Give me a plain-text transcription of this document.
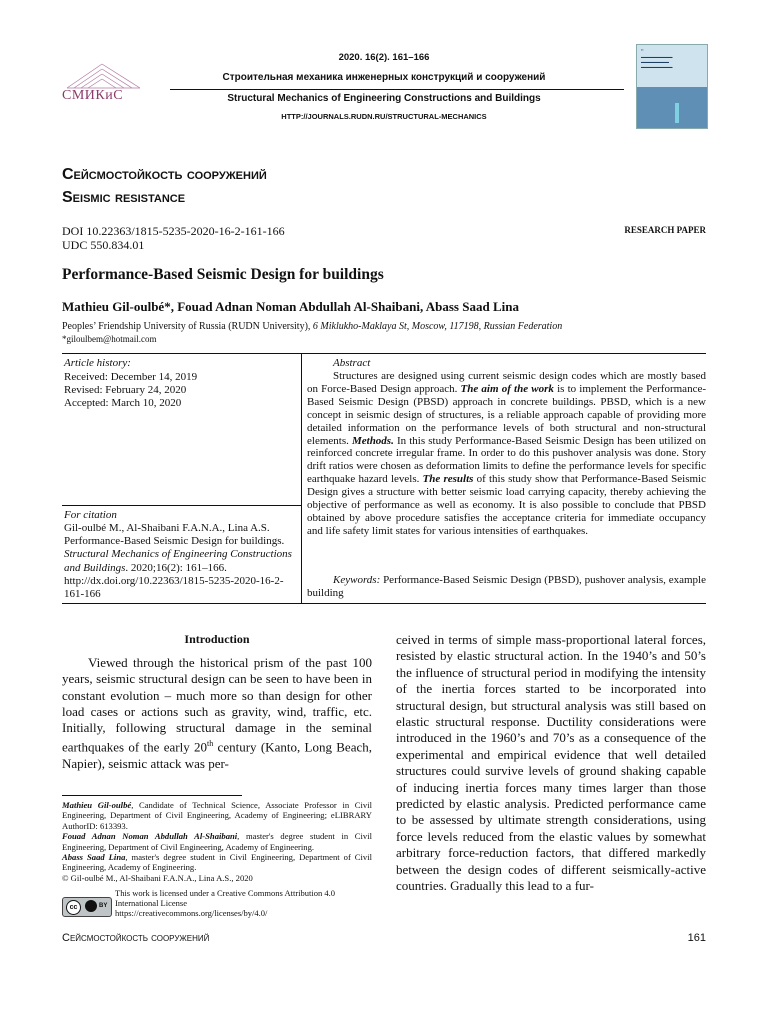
СМИКиС
2020. 16(2). 161–166
Строительная механика инженерных конструкций и сооружений
Structural Mechanics of Engineering Constructions and Buildings
HTTP://JOURNALS.RUDN.RU/STRUCTURAL-MECHANICS
▪▪
▬▬▬▬▬▬▬▬▬
▬▬▬▬▬▬▬▬
▬▬▬▬▬▬▬▬▬
Сейсмостойкость сооружений
Seismic resistance
DOI 10.22363/1815-5235-2020-16-2-161-166
UDC 550.834.01
RESEARCH PAPER
Performance-Based Seismic Design for buildings
Mathieu Gil-oulbé*, Fouad Adnan Noman Abdullah Al-Shaibani, Abass Saad Lina
Peoples’ Friendship University of Russia (RUDN University), 6 Miklukho-Maklaya St, Moscow, 117198, Russian Federation
*giloulbem@hotmail.com
Article history:
Received: December 14, 2019
Revised: February 24, 2020
Accepted: March 10, 2020
For citation
Gil-oulbé M., Al-Shaibani F.A.N.A., Lina A.S. Performance-Based Seismic Design for buildings. Structural Mechanics of Engineering Constructions and Buildings. 2020;16(2): 161–166. http://dx.doi.org/10.22363/1815-5235-2020-16-2-161-166
Abstract
Structures are designed using current seismic design codes which are mostly based on Force-Based Design approach. The aim of the work is to implement the Performance-Based Seismic Design (PBSD) approach in concrete buildings. PBSD, which is a new concept in seismic design of structures, is a reliable approach capable of providing more detailed information on the performance levels of both structural and non-structural elements. Methods. In this study Performance-Based Seismic Design has been utilized on reinforced concrete irregular frame. In order to do this pushover analysis was done. Story drift ratios were chosen as deformation limits to define the performance levels for specific earthquake hazard levels. The results of this study show that Performance-Based Seismic Design gives a structure with better seismic load carrying capacity, thereby achieving the objective of performance as well as economy. It is also possible to conclude that PBSD obtained by above procedure satisfies the acceptance criteria for immediate occupancy and life safety limit states for various intensities of earthquakes.
Keywords: Performance-Based Seismic Design (PBSD), pushover analysis, example building
Introduction
Viewed through the historical prism of the past 100 years, seismic structural design can be seen to have been in constant evolution – much more so than design for other load cases or actions such as gravity, wind, traffic, etc. Initially, following structural damage in the seminal earthquakes of the early 20th century (Kanto, Long Beach, Napier), seismic attack was per-
ceived in terms of simple mass-proportional lateral forces, resisted by elastic structural action. In the 1940’s and 50’s the influence of structural period in modifying the intensity of the inertia forces started to be incorporated into structural design, but structural analysis was still based on elastic structural response. Ductility considerations were introduced in the 1960’s and 70’s as a consequence of the experimental and empirical evidence that well detailed structures could survive levels of ground shaking capable of inducing inertia forces many times larger than those predicted by elastic analysis. Predicted performance came to be assessed by ultimate strength considerations, using force levels reduced from the elastic values by somewhat arbitrary force-reduction factors, that differed markedly between the design codes of different seismically-active countries. Gradually this lead to a fur-

Mathieu Gil-oulbé, Candidate of Technical Science, Associate Professor in Civil Engineering, Department of Civil Engineering, Academy of Engineering; eLIBRARY AuthorID: 613393.

Fouad Adnan Noman Abdullah Al-Shaibani, master's degree student in Civil Engineering, Department of Civil Engineering, Academy of Engineering.

Abass Saad Lina, master's degree student in Civil Engineering, Department of Civil Engineering, Academy of Engineering.

© Gil-oulbé M., Al-Shaibani F.A.N.A., Lina A.S., 2020

cc	BY
This work is licensed under a Creative Commons Attribution 4.0 International License
https://creativecommons.org/licenses/by/4.0/
Сейсмостойкость сооружений	161
